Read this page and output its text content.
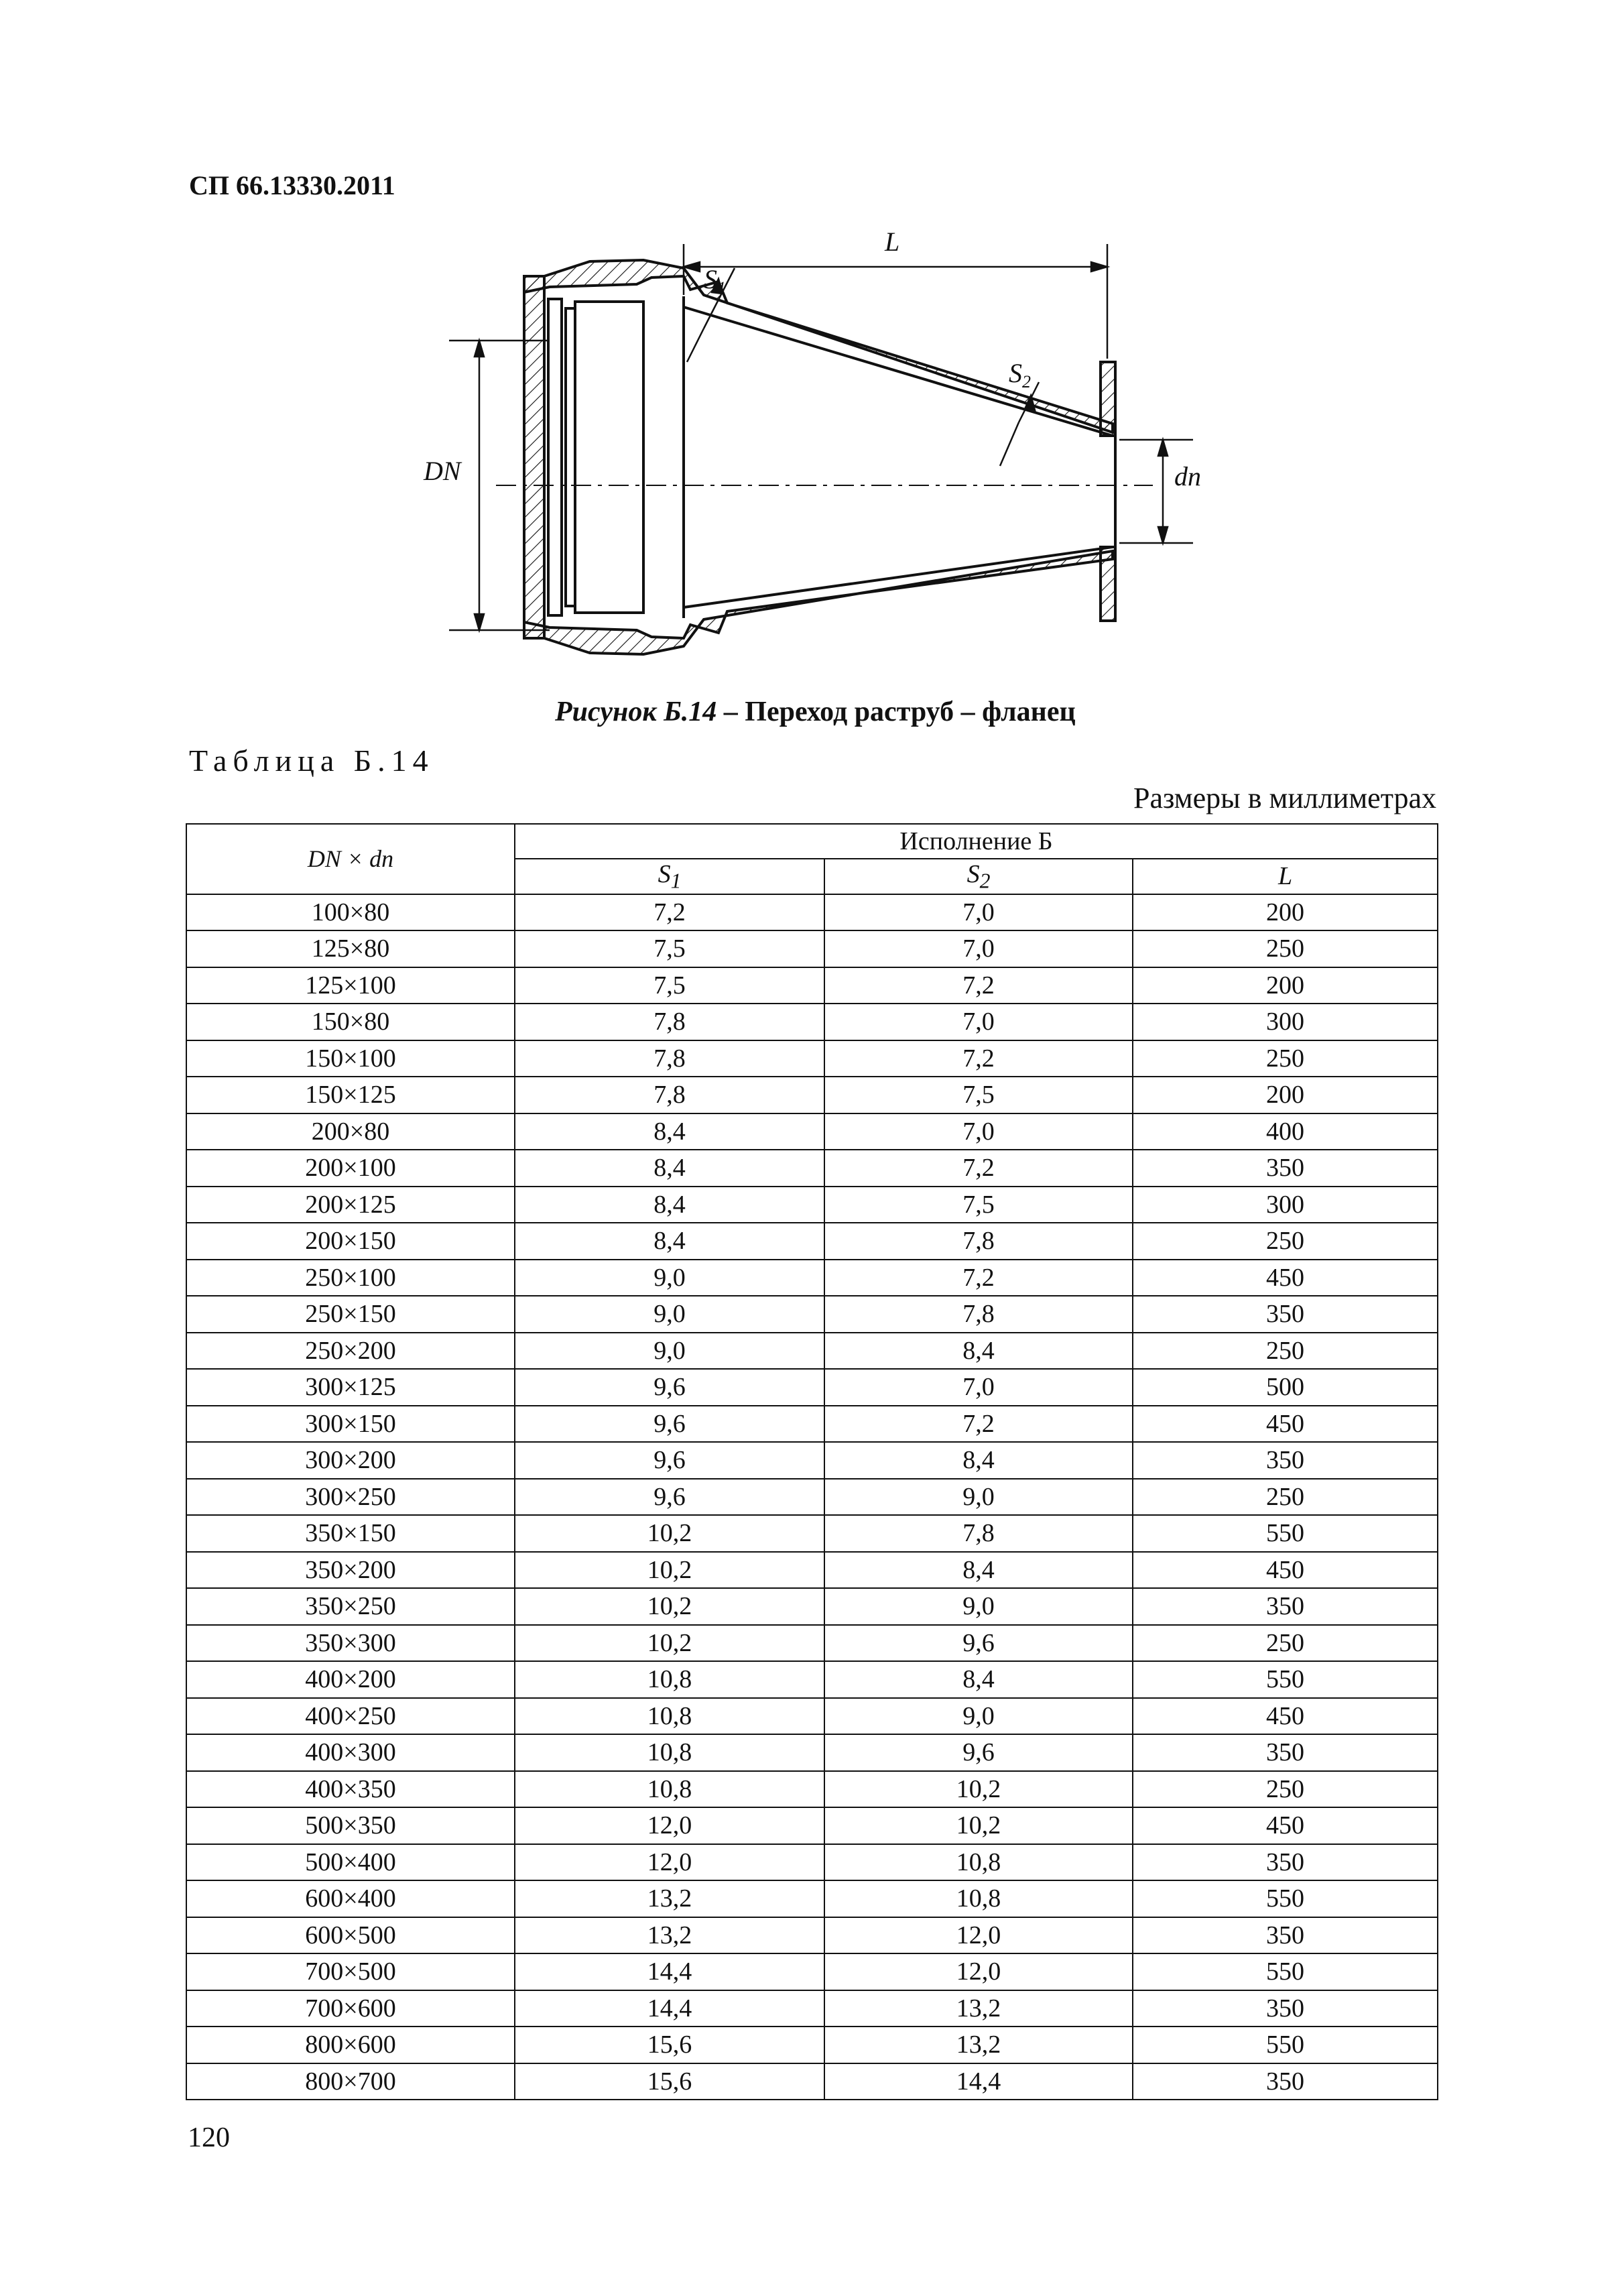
СП 66.13330.2011
L
$S_1$
$S_2$
DN	dn
Рисунок Б.14 – Переход раструб – фланец
Таблица Б.14
Размеры в миллиметрах
DN × dn	Исполнение Б		
	$S_1$	$S_2$	L
100×80	7,2	7,0	200
125×80	7,5	7,0	250
125×100	7,5	7,2	200
150×80	7,8	7,0	300
150×100	7,8	7,2	250
150×125	7,8	7,5	200
200×80	8,4	7,0	400
200×100	8,4	7,2	350
200×125	8,4	7,5	300
200×150	8,4	7,8	250
250×100	9,0	7,2	450
250×150	9,0	7,8	350
250×200	9,0	8,4	250
300×125	9,6	7,0	500
300×150	9,6	7,2	450
300×200	9,6	8,4	350
300×250	9,6	9,0	250
350×150	10,2	7,8	550
350×200	10,2	8,4	450
350×250	10,2	9,0	350
350×300	10,2	9,6	250
400×200	10,8	8,4	550
400×250	10,8	9,0	450
400×300	10,8	9,6	350
400×350	10,8	10,2	250
500×350	12,0	10,2	450
500×400	12,0	10,8	350
600×400	13,2	10,8	550
600×500	13,2	12,0	350
700×500	14,4	12,0	550
700×600	14,4	13,2	350
800×600	15,6	13,2	550
800×700	15,6	14,4	350
120
